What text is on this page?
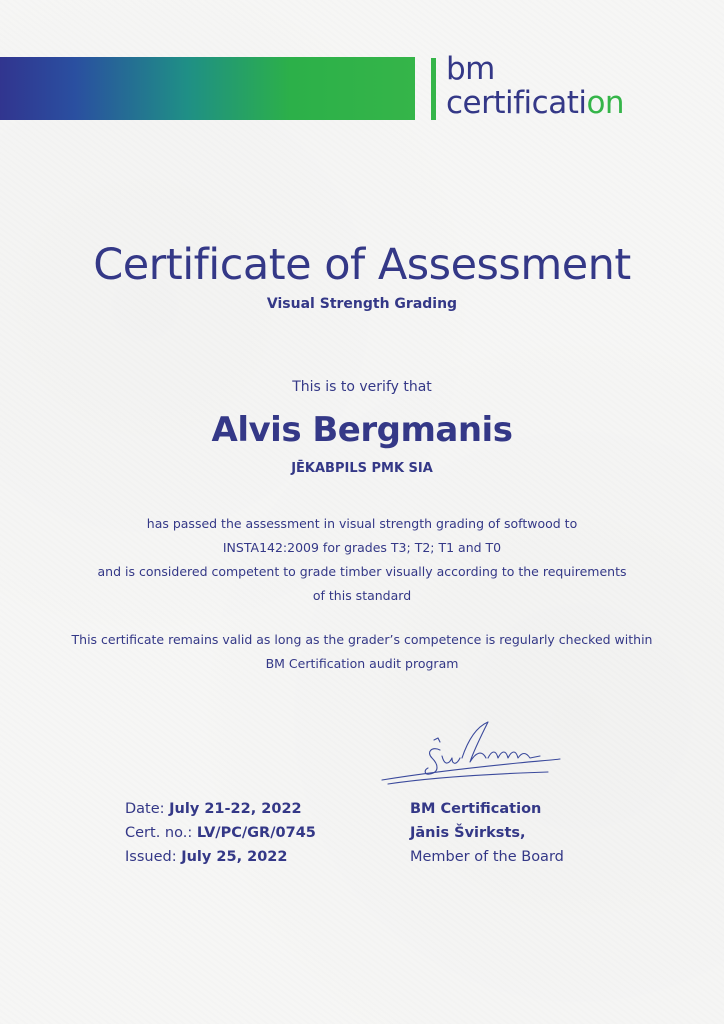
bm
certification
Certificate of Assessment
Visual Strength Grading
This is to verify that
Alvis Bergmanis
JĒKABPILS PMK SIA
has passed the assessment in visual strength grading of softwood to
INSTA142:2009 for grades T3; T2; T1 and T0
and is considered competent to grade timber visually according to the requirements
of this standard
This certificate remains valid as long as the grader’s competence is regularly checked within
BM Certification audit program
Date: July 21-22, 2022
Cert. no.: LV/PC/GR/0745
Issued: July 25, 2022
BM Certification
Jānis Švirksts,
Member of the Board
